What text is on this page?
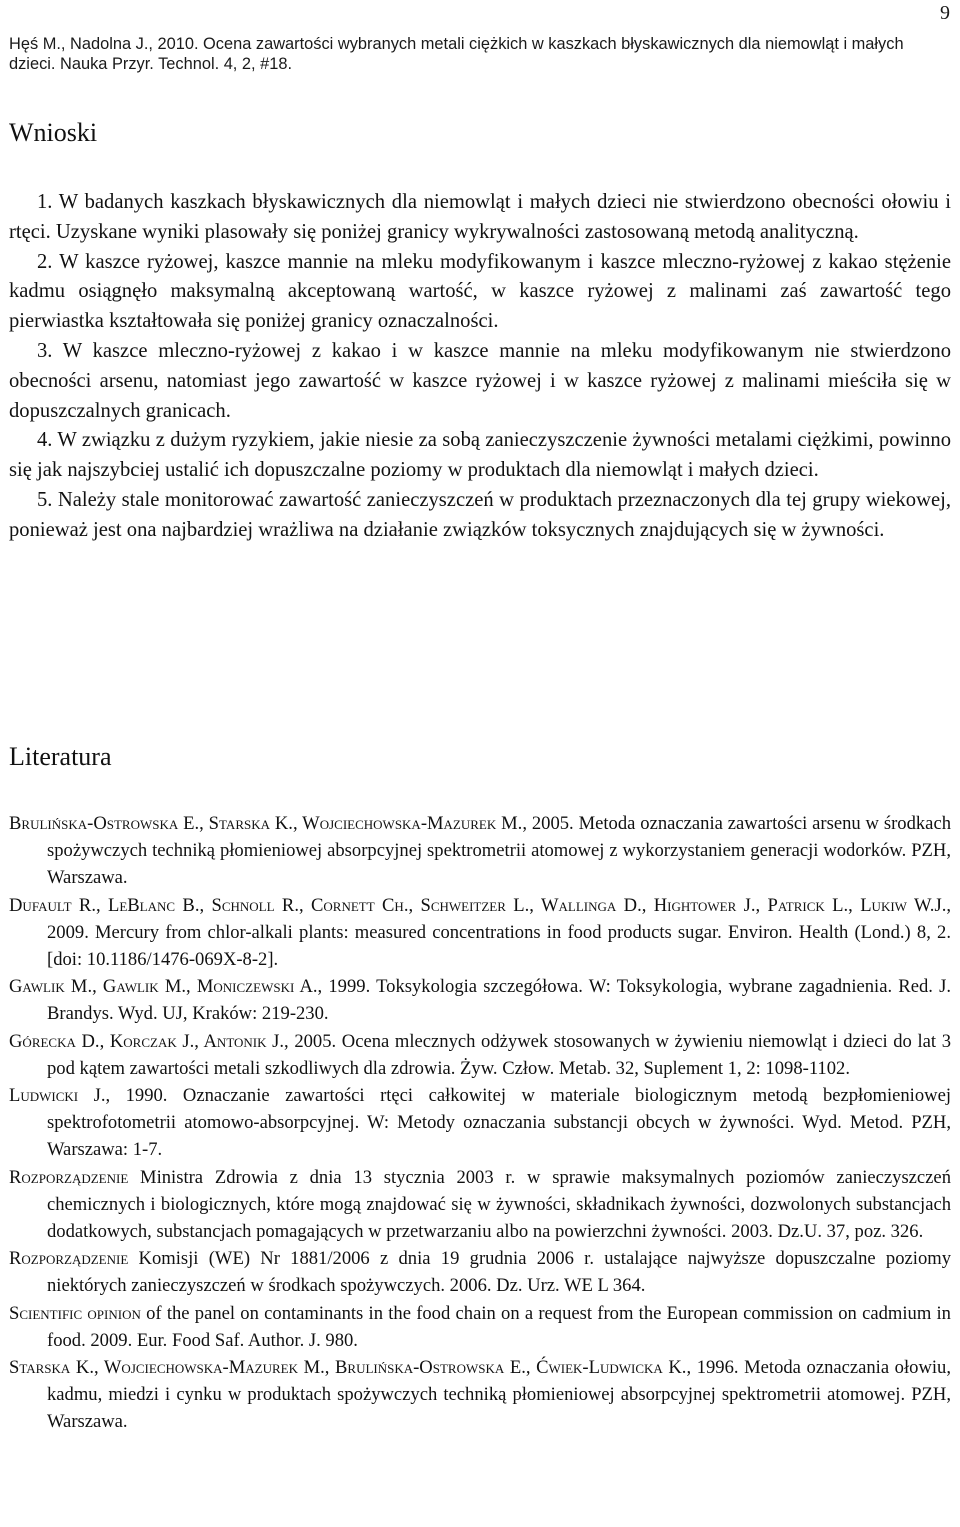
Hęś M., Nadolna J., 2010. Ocena zawartości wybranych metali ciężkich w kaszkach błyskawicznych dla niemowląt i małych dzieci. Nauka Przyr. Technol. 4, 2, #18.
9
Wnioski

1. W badanych kaszkach błyskawicznych dla niemowląt i małych dzieci nie stwierdzono obecności ołowiu i rtęci. Uzyskane wyniki plasowały się poniżej granicy wykrywalności zastosowaną metodą analityczną.

2. W kaszce ryżowej, kaszce mannie na mleku modyfikowanym i kaszce mleczno-ryżowej z kakao stężenie kadmu osiągnęło maksymalną akceptowaną wartość, w kaszce ryżowej z malinami zaś zawartość tego pierwiastka kształtowała się poniżej granicy oznaczalności.

3. W kaszce mleczno-ryżowej z kakao i w kaszce mannie na mleku modyfikowanym nie stwierdzono obecności arsenu, natomiast jego zawartość w kaszce ryżowej i w kaszce ryżowej z malinami mieściła się w dopuszczalnych granicach.

4. W związku z dużym ryzykiem, jakie niesie za sobą zanieczyszczenie żywności metalami ciężkimi, powinno się jak najszybciej ustalić ich dopuszczalne poziomy w produktach dla niemowląt i małych dzieci.

5. Należy stale monitorować zawartość zanieczyszczeń w produktach przeznaczonych dla tej grupy wiekowej, ponieważ jest ona najbardziej wrażliwa na działanie związków toksycznych znajdujących się w żywności.

Literatura

Brulińska-Ostrowska E., Starska K., Wojciechowska-Mazurek M., 2005. Metoda oznaczania zawartości arsenu w środkach spożywczych techniką płomieniowej absorpcyjnej spektrometrii atomowej z wykorzystaniem generacji wodorków. PZH, Warszawa.

Dufault R., LeBlanc B., Schnoll R., Cornett Ch., Schweitzer L., Wallinga D., Hightower J., Patrick L., Lukiw W.J., 2009. Mercury from chlor-alkali plants: measured concentrations in food products sugar. Environ. Health (Lond.) 8, 2. [doi: 10.1186/1476-069X-8-2].

Gawlik M., Gawlik M., Moniczewski A., 1999. Toksykologia szczegółowa. W: Toksykologia, wybrane zagadnienia. Red. J. Brandys. Wyd. UJ, Kraków: 219-230.

Górecka D., Korczak J., Antonik J., 2005. Ocena mlecznych odżywek stosowanych w żywieniu niemowląt i dzieci do lat 3 pod kątem zawartości metali szkodliwych dla zdrowia. Żyw. Człow. Metab. 32, Suplement 1, 2: 1098-1102.

Ludwicki J., 1990. Oznaczanie zawartości rtęci całkowitej w materiale biologicznym metodą bezpłomieniowej spektrofotometrii atomowo-absorpcyjnej. W: Metody oznaczania substancji obcych w żywności. Wyd. Metod. PZH, Warszawa: 1-7.

Rozporządzenie Ministra Zdrowia z dnia 13 stycznia 2003 r. w sprawie maksymalnych poziomów zanieczyszczeń chemicznych i biologicznych, które mogą znajdować się w żywności, składnikach żywności, dozwolonych substancjach dodatkowych, substancjach pomagających w przetwarzaniu albo na powierzchni żywności. 2003. Dz.U. 37, poz. 326.

Rozporządzenie Komisji (WE) Nr 1881/2006 z dnia 19 grudnia 2006 r. ustalające najwyższe dopuszczalne poziomy niektórych zanieczyszczeń w środkach spożywczych. 2006. Dz. Urz. WE L 364.

Scientific opinion of the panel on contaminants in the food chain on a request from the European commission on cadmium in food. 2009. Eur. Food Saf. Author. J. 980.

Starska K., Wojciechowska-Mazurek M., Brulińska-Ostrowska E., Ćwiek-Ludwicka K., 1996. Metoda oznaczania ołowiu, kadmu, miedzi i cynku w produktach spożywczych techniką płomieniowej absorpcyjnej spektrometrii atomowej. PZH, Warszawa.
